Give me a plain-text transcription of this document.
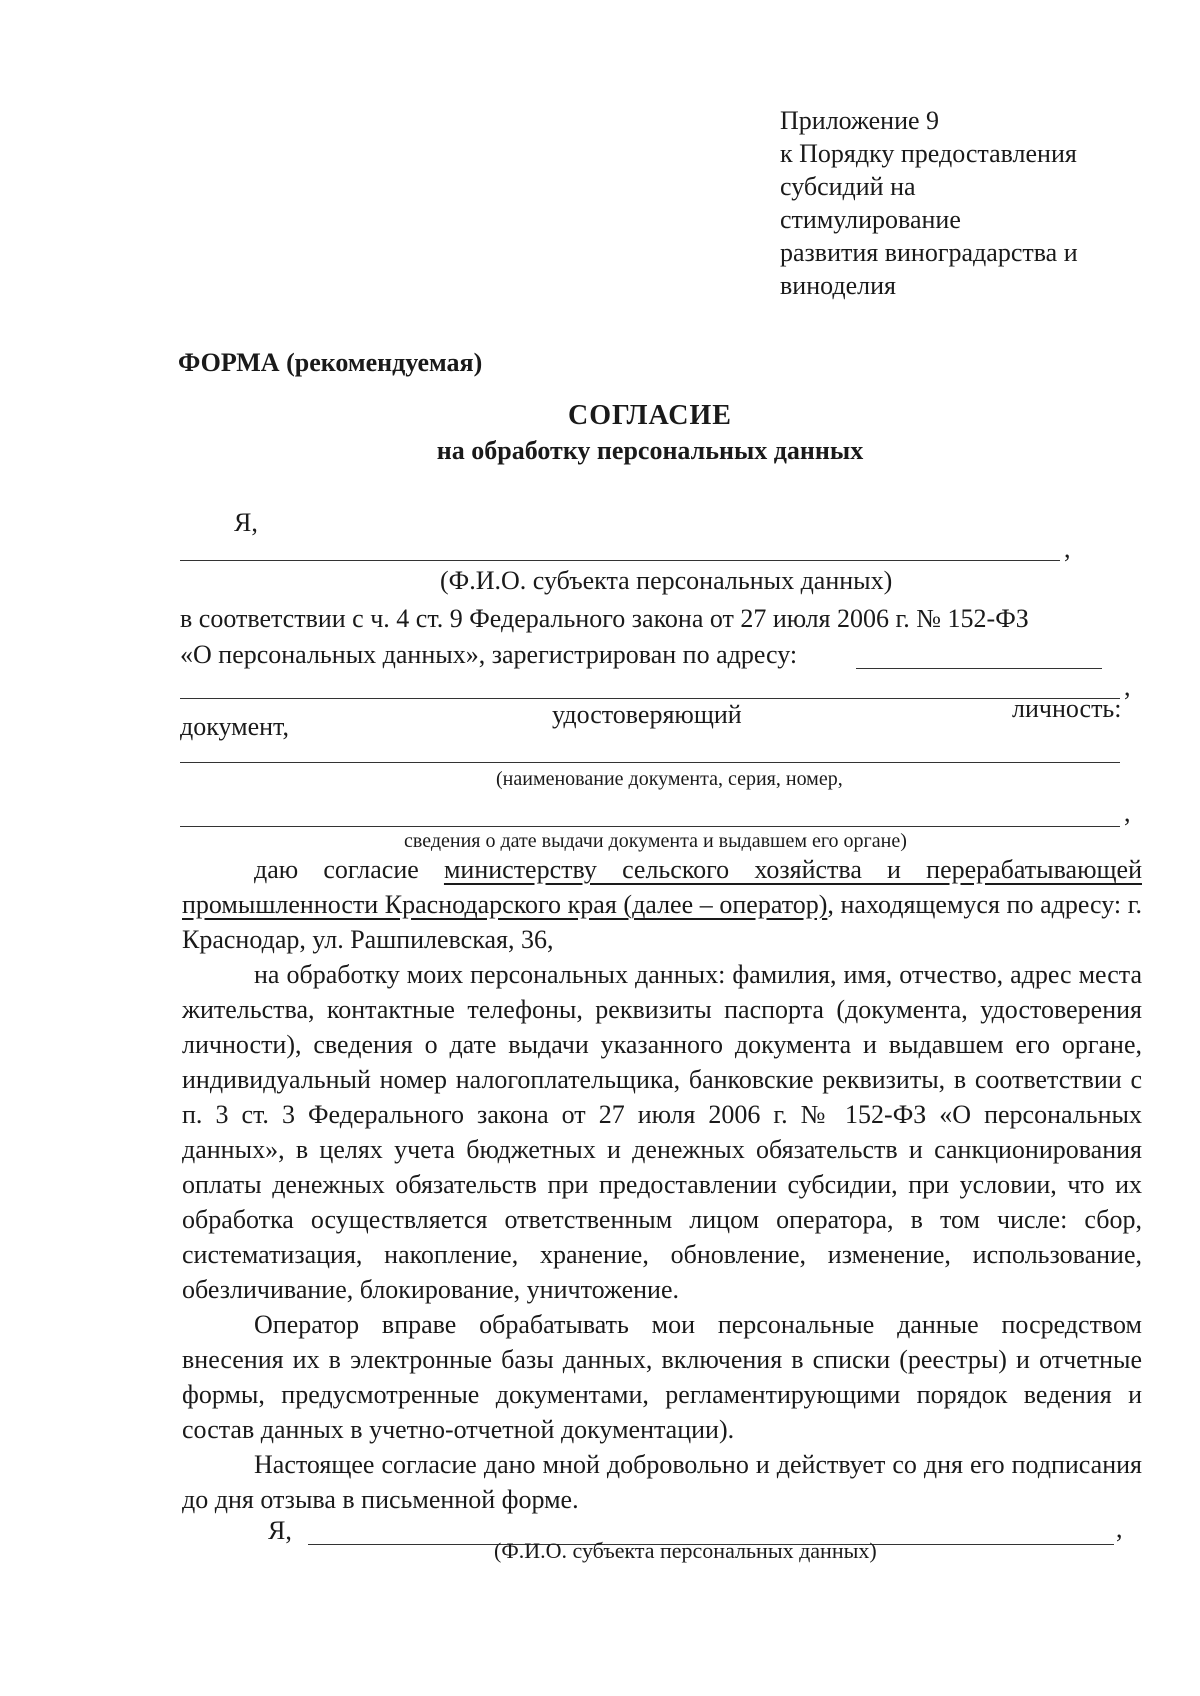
Приложение 9
к Порядку предоставления
субсидий на
стимулирование
развития виноградарства и
виноделия
ФОРМА (рекомендуемая)
СОГЛАСИЕ
на обработку персональных данных
Я,
,
(Ф.И.О. субъекта персональных данных)
в соответствии с ч. 4 ст. 9 Федерального закона от 27 июля 2006 г. № 152-ФЗ
«О персональных данных», зарегистрирован по адресу:
,
документ,	удостоверяющий	личность:
(наименование документа, серия, номер,
,
сведения о дате выдачи документа и выдавшем его органе)

даю согласие министерству сельского хозяйства и перерабатывающей промышленности Краснодарского края (далее – оператор), находящемуся по адресу: г. Краснодар, ул. Рашпилевская, 36,

на обработку моих персональных данных: фамилия, имя, отчество, адрес места жительства, контактные телефоны, реквизиты паспорта (документа, удостоверения личности), сведения о дате выдачи указанного документа и выдавшем его органе, индивидуальный номер налогоплательщика, банковские реквизиты, в соответствии с п. 3 ст. 3 Федерального закона от 27 июля 2006 г. № 152-ФЗ «О персональных данных», в целях учета бюджетных и денежных обязательств и санкционирования оплаты денежных обязательств при предоставлении субсидии, при условии, что их обработка осуществляется ответственным лицом оператора, в том числе: сбор, систематизация, накопление, хранение, обновление, изменение, использование, обезличивание, блокирование, уничтожение.

Оператор вправе обрабатывать мои персональные данные посредством внесения их в электронные базы данных, включения в списки (реестры) и отчетные формы, предусмотренные документами, регламентирующими порядок ведения и состав данных в учетно-отчетной документации).

Настоящее согласие дано мной добровольно и действует со дня его подписания до дня отзыва в письменной форме.

Я,	,
(Ф.И.О. субъекта персональных данных)
